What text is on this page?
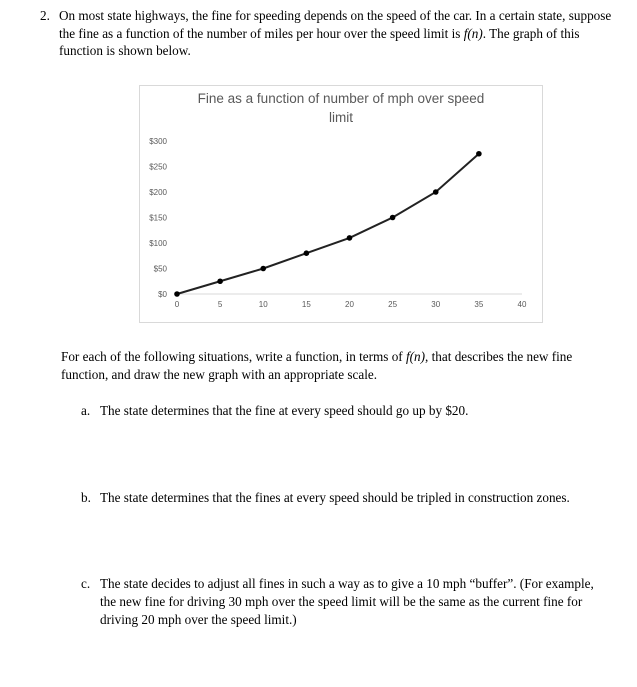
2. On most state highways, the fine for speeding depends on the speed of the car. In a certain state, suppose the fine as a function of the number of miles per hour over the speed limit is f(n). The graph of this function is shown below.
Fine as a function of number of mph over speed
limit
$0
$50
$100
$150
$200
$250
$300
0	5	10	15	20	25	30	35	40
For each of the following situations, write a function, in terms of f(n), that describes the new fine function, and draw the new graph with an appropriate scale.
a. The state determines that the fine at every speed should go up by $20.
b. The state determines that the fines at every speed should be tripled in construction zones.
c. The state decides to adjust all fines in such a way as to give a 10 mph “buffer”. (For example, the new fine for driving 30 mph over the speed limit will be the same as the current fine for driving 20 mph over the speed limit.)
